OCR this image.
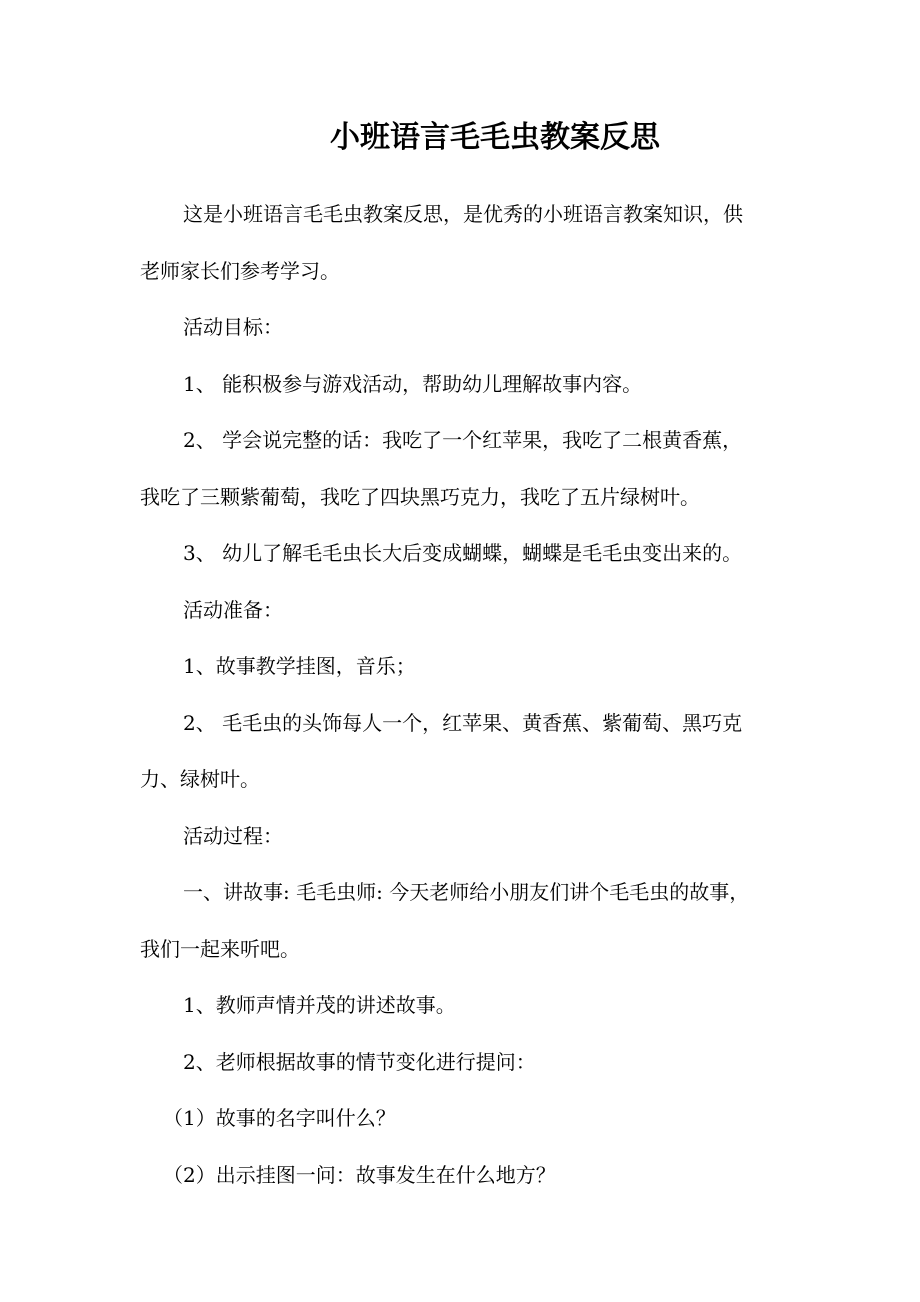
小班语言毛毛虫教案反思
这是小班语言毛毛虫教案反思，是优秀的小班语言教案知识，供
老师家长们参考学习。
活动目标：
1、 能积极参与游戏活动，帮助幼儿理解故事内容。
2、 学会说完整的话：我吃了一个红苹果，我吃了二根黄香蕉，
我吃了三颗紫葡萄，我吃了四块黑巧克力，我吃了五片绿树叶。
3、 幼儿了解毛毛虫长大后变成蝴蝶，蝴蝶是毛毛虫变出来的。
活动准备：
1、故事教学挂图，音乐；
2、 毛毛虫的头饰每人一个，红苹果、黄香蕉、紫葡萄、黑巧克
力、绿树叶。
活动过程：
一、讲故事: 毛毛虫师: 今天老师给小朋友们讲个毛毛虫的故事，
我们一起来听吧。
1、教师声情并茂的讲述故事。
2、老师根据故事的情节变化进行提问：
（1）故事的名字叫什么？
（2）出示挂图一问：故事发生在什么地方？
